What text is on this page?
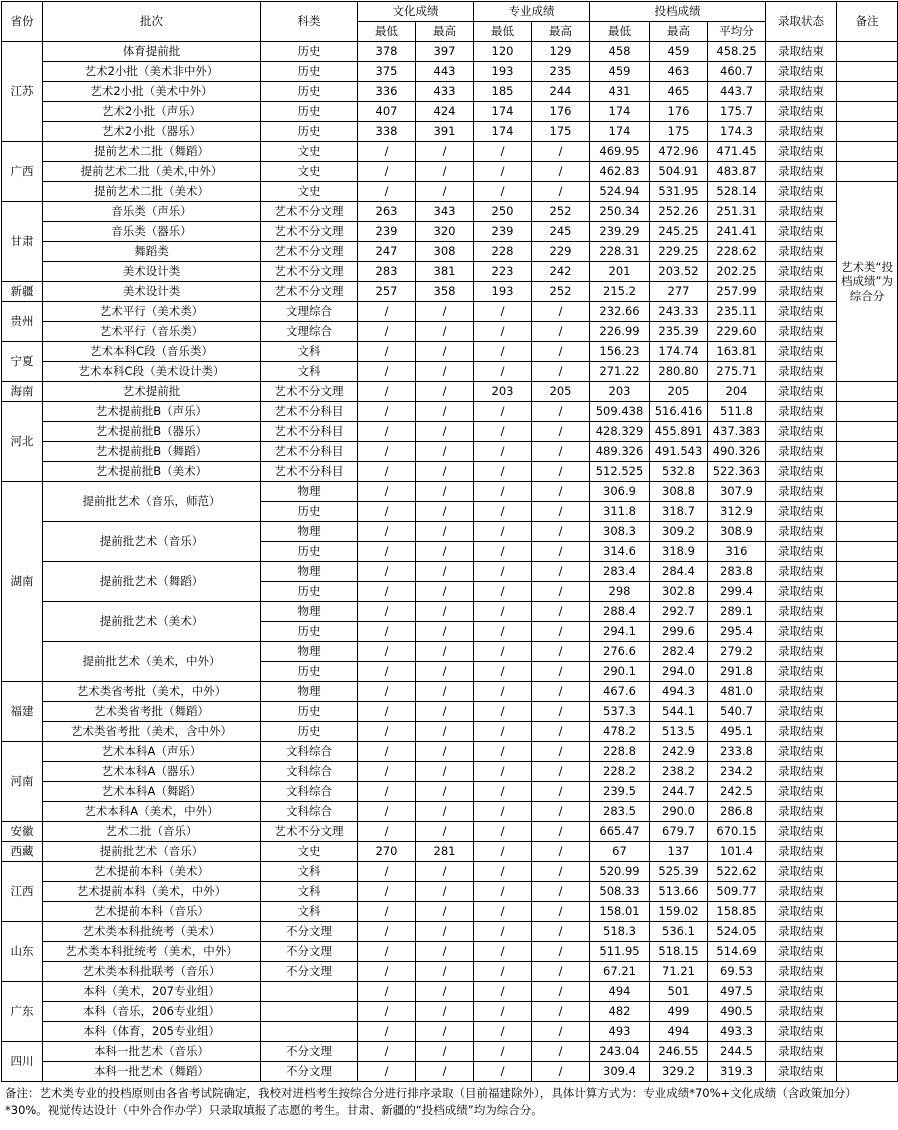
省份	批次	科类	文化成绩		专业成绩		投档成绩			录取状态	备注
			最低	最高	最低	最高	最低	最高	平均分		
江苏	体育提前批	历史	378	397	120	129	458	459	458.25	录取结束	
	艺术2小批（美术非中外）	历史	375	443	193	235	459	463	460.7	录取结束	
	艺术2小批（美术中外）	历史	336	433	185	244	431	465	443.7	录取结束	
	艺术2小批（声乐）	历史	407	424	174	176	174	176	175.7	录取结束	
	艺术2小批（器乐）	历史	338	391	174	175	174	175	174.3	录取结束	
广西	提前艺术二批（舞蹈）	文史	/	/	/	/	469.95	472.96	471.45	录取结束	
	提前艺术二批（美术,中外）	文史	/	/	/	/	462.83	504.91	483.87	录取结束	
	提前艺术二批（美术）	文史	/	/	/	/	524.94	531.95	528.14	录取结束	艺术类“投档成绩”为综合分
甘肃	音乐类（声乐）	艺术不分文理	263	343	250	252	250.34	252.26	251.31	录取结束	
	音乐类（器乐）	艺术不分文理	239	320	239	245	239.29	245.25	241.41	录取结束	
	舞蹈类	艺术不分文理	247	308	228	229	228.31	229.25	228.62	录取结束	
	美术设计类	艺术不分文理	283	381	223	242	201	203.52	202.25	录取结束	
新疆	美术设计类	艺术不分文理	257	358	193	252	215.2	277	257.99	录取结束	
贵州	艺术平行（美术类）	文理综合	/	/	/	/	232.66	243.33	235.11	录取结束	
	艺术平行（音乐类）	文理综合	/	/	/	/	226.99	235.39	229.60	录取结束	
宁夏	艺术本科C段（音乐类）	文科	/	/	/	/	156.23	174.74	163.81	录取结束	
	艺术本科C段（美术设计类）	文科	/	/	/	/	271.22	280.80	275.71	录取结束	
海南	艺术提前批	艺术不分文理	/	/	203	205	203	205	204	录取结束	
河北	艺术提前批B（声乐）	艺术不分科目	/	/	/	/	509.438	516.416	511.8	录取结束	
	艺术提前批B（器乐）	艺术不分科目	/	/	/	/	428.329	455.891	437.383	录取结束	
	艺术提前批B（舞蹈）	艺术不分科目	/	/	/	/	489.326	491.543	490.326	录取结束	
	艺术提前批B（美术）	艺术不分科目	/	/	/	/	512.525	532.8	522.363	录取结束	
湖南	提前批艺术（音乐，师范）	物理	/	/	/	/	306.9	308.8	307.9	录取结束	
		历史	/	/	/	/	311.8	318.7	312.9	录取结束	
	提前批艺术（音乐）	物理	/	/	/	/	308.3	309.2	308.9	录取结束	
		历史	/	/	/	/	314.6	318.9	316	录取结束	
	提前批艺术（舞蹈）	物理	/	/	/	/	283.4	284.4	283.8	录取结束	
		历史	/	/	/	/	298	302.8	299.4	录取结束	
	提前批艺术（美术）	物理	/	/	/	/	288.4	292.7	289.1	录取结束	
		历史	/	/	/	/	294.1	299.6	295.4	录取结束	
	提前批艺术（美术，中外）	物理	/	/	/	/	276.6	282.4	279.2	录取结束	
		历史	/	/	/	/	290.1	294.0	291.8	录取结束	
福建	艺术类省考批（美术，中外）	物理	/	/	/	/	467.6	494.3	481.0	录取结束	
	艺术类省考批（舞蹈）	历史	/	/	/	/	537.3	544.1	540.7	录取结束	
	艺术类省考批（美术，含中外）	历史	/	/	/	/	478.2	513.5	495.1	录取结束	
河南	艺术本科A（声乐）	文科综合	/	/	/	/	228.8	242.9	233.8	录取结束	
	艺术本科A（器乐）	文科综合	/	/	/	/	228.2	238.2	234.2	录取结束	
	艺术本科A（舞蹈）	文科综合	/	/	/	/	239.5	244.7	242.5	录取结束	
	艺术本科A（美术，中外）	文科综合	/	/	/	/	283.5	290.0	286.8	录取结束	
安徽	艺术二批（音乐）	艺术不分文理	/	/	/	/	665.47	679.7	670.15	录取结束	
西藏	提前批艺术（音乐）	文史	270	281	/	/	67	137	101.4	录取结束	
江西	艺术提前本科（美术）	文科	/	/	/	/	520.99	525.39	522.62	录取结束	
	艺术提前本科（美术，中外）	文科	/	/	/	/	508.33	513.66	509.77	录取结束	
	艺术提前本科（音乐）	文科	/	/	/	/	158.01	159.02	158.85	录取结束	
山东	艺术类本科批统考（美术）	不分文理	/	/	/	/	518.3	536.1	524.05	录取结束	
	艺术类本科批统考（美术，中外）	不分文理	/	/	/	/	511.95	518.15	514.69	录取结束	
	艺术类本科批联考（音乐）	不分文理	/	/	/	/	67.21	71.21	69.53	录取结束	
广东	本科（美术，207专业组）		/	/	/	/	494	501	497.5	录取结束	
	本科（音乐，206专业组）		/	/	/	/	482	499	490.5	录取结束	
	本科（体育，205专业组）		/	/	/	/	493	494	493.3	录取结束	
四川	本科一批艺术（音乐）	不分文理	/	/	/	/	243.04	246.55	244.5	录取结束	
	本科一批艺术（舞蹈）	不分文理	/	/	/	/	309.4	329.2	319.3	录取结束	
备注：艺术类专业的投档原则由各省考试院确定，我校对进档考生按综合分进行排序录取（目前福建除外），具体计算方式为：专业成绩*70%+文化成绩（含政策加分）*30%。视觉传达设计（中外合作办学）只录取填报了志愿的考生。甘肃、新疆的“投档成绩”均为综合分。
